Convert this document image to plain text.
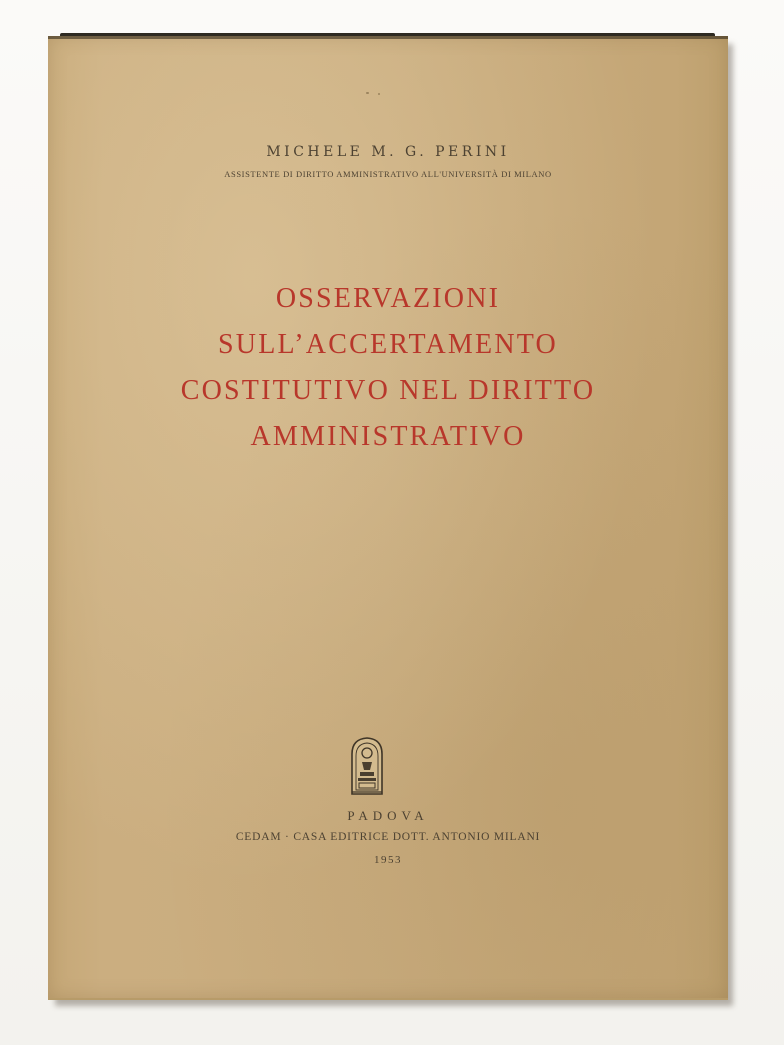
MICHELE M. G. PERINI
ASSISTENTE DI DIRITTO AMMINISTRATIVO ALL'UNIVERSITÀ DI MILANO
OSSERVAZIONI
SULL’ACCERTAMENTO
COSTITUTIVO NEL DIRITTO
AMMINISTRATIVO
PADOVA
CEDAM · CASA EDITRICE DOTT. ANTONIO MILANI
1953
